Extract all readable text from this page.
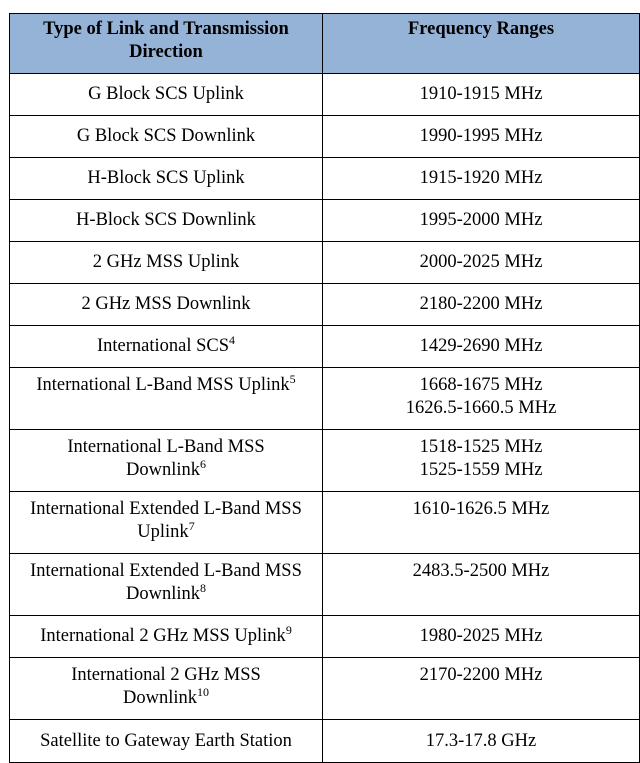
Type of Link and Transmission Direction	Frequency Ranges

G Block SCS Uplink	1910-1915 MHz

G Block SCS Downlink	1990-1995 MHz

H-Block SCS Uplink	1915-1920 MHz

H-Block SCS Downlink	1995-2000 MHz

2 GHz MSS Uplink	2000-2025 MHz

2 GHz MSS Downlink	2180-2200 MHz

International SCS$^4$	1429-2690 MHz

International L-Band MSS Uplink$^5$	1668-1675 MHz
1626.5-1660.5 MHz

International L-Band MSS
Downlink$^6$	1518-1525 MHz
1525-1559 MHz

International Extended L-Band MSS
Uplink$^7$	1610-1626.5 MHz

International Extended L-Band MSS
Downlink$^8$	2483.5-2500 MHz

International 2 GHz MSS Uplink$^9$	1980-2025 MHz

International 2 GHz MSS
Downlink$^{10}$	2170-2200 MHz

Satellite to Gateway Earth Station	17.3-17.8 GHz
